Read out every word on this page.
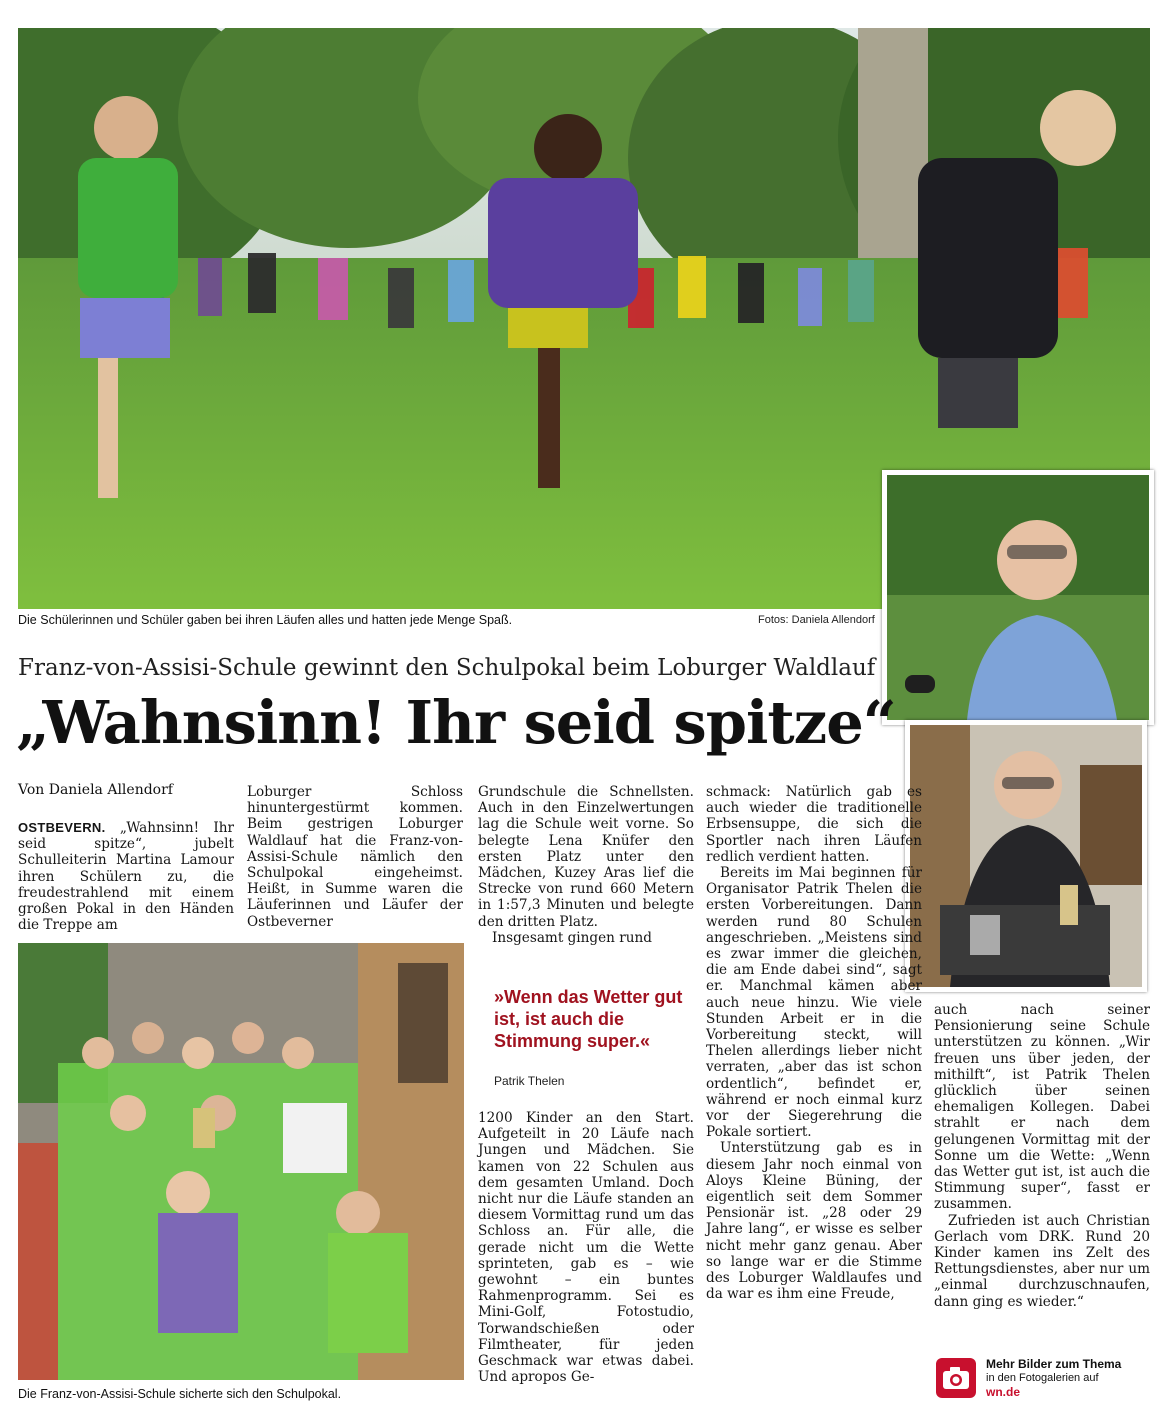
Die Schülerinnen und Schüler gaben bei ihren Läufen alles und hatten jede Menge Spaß.	Fotos: Daniela Allendorf
Franz-von-Assisi-Schule gewinnt den Schulpokal beim Loburger Waldlauf
„Wahnsinn! Ihr seid spitze“
Von Daniela Allendorf

OSTBEVERN. „Wahnsinn! Ihr seid spitze“, jubelt Schulleiterin Martina Lamour ihren Schülern zu, die freudestrahlend mit einem großen Pokal in den Händen die Treppe am

Loburger Schloss hinuntergestürmt kommen. Beim gestrigen Loburger Waldlauf hat die Franz-von-Assisi-Schule nämlich den Schulpokal eingeheimst. Heißt, in Summe waren die Läuferinnen und Läufer der Ostbeverner

Grundschule die Schnellsten. Auch in den Einzelwertungen lag die Schule weit vorne. So belegte Lena Knüfer den ersten Platz unter den Mädchen, Kuzey Aras lief die Strecke von rund 660 Metern in 1:57,3 Minuten und belegte den dritten Platz.

Insgesamt gingen rund

Die Franz-von-Assisi-Schule sicherte sich den Schulpokal.
»Wenn das Wetter gut ist, ist auch die Stimmung super.«
Patrik Thelen

1200 Kinder an den Start. Aufgeteilt in 20 Läufe nach Jungen und Mädchen. Sie kamen von 22 Schulen aus dem gesamten Umland. Doch nicht nur die Läufe standen an diesem Vormittag rund um das Schloss an. Für alle, die gerade nicht um die Wette sprinteten, gab es – wie gewohnt – ein buntes Rahmenprogramm. Sei es Mini-Golf, Fotostudio, Torwandschießen oder Filmtheater, für jeden Geschmack war etwas dabei. Und apropos Ge-

schmack: Natürlich gab es auch wieder die traditionelle Erbsensuppe, die sich die Sportler nach ihren Läufen redlich verdient hatten.

Bereits im Mai beginnen für Organisator Patrik Thelen die ersten Vorbereitungen. Dann werden rund 80 Schulen angeschrieben. „Meistens sind es zwar immer die gleichen, die am Ende dabei sind“, sagt er. Manchmal kämen aber auch neue hinzu. Wie viele Stunden Arbeit er in die Vorbereitung steckt, will Thelen allerdings lieber nicht verraten, „aber das ist schon ordentlich“, befindet er, während er noch einmal kurz vor der Siegerehrung die Pokale sortiert.

Unterstützung gab es in diesem Jahr noch einmal von Aloys Kleine Büning, der eigentlich seit dem Sommer Pensionär ist. „28 oder 29 Jahre lang“, er wisse es selber nicht mehr ganz genau. Aber so lange war er die Stimme des Loburger Waldlaufes und da war es ihm eine Freude,

auch nach seiner Pensionierung seine Schule unterstützen zu können. „Wir freuen uns über jeden, der mithilft“, ist Patrik Thelen glücklich über seinen ehemaligen Kollegen. Dabei strahlt er nach dem gelungenen Vormittag mit der Sonne um die Wette: „Wenn das Wetter gut ist, ist auch die Stimmung super“, fasst er zusammen.

Zufrieden ist auch Christian Gerlach vom DRK. Rund 20 Kinder kamen ins Zelt des Rettungsdienstes, aber nur um „einmal durchzuschnaufen, dann ging es wieder.“

Mehr Bilder zum Thema
in den Fotogalerien auf
wn.de
